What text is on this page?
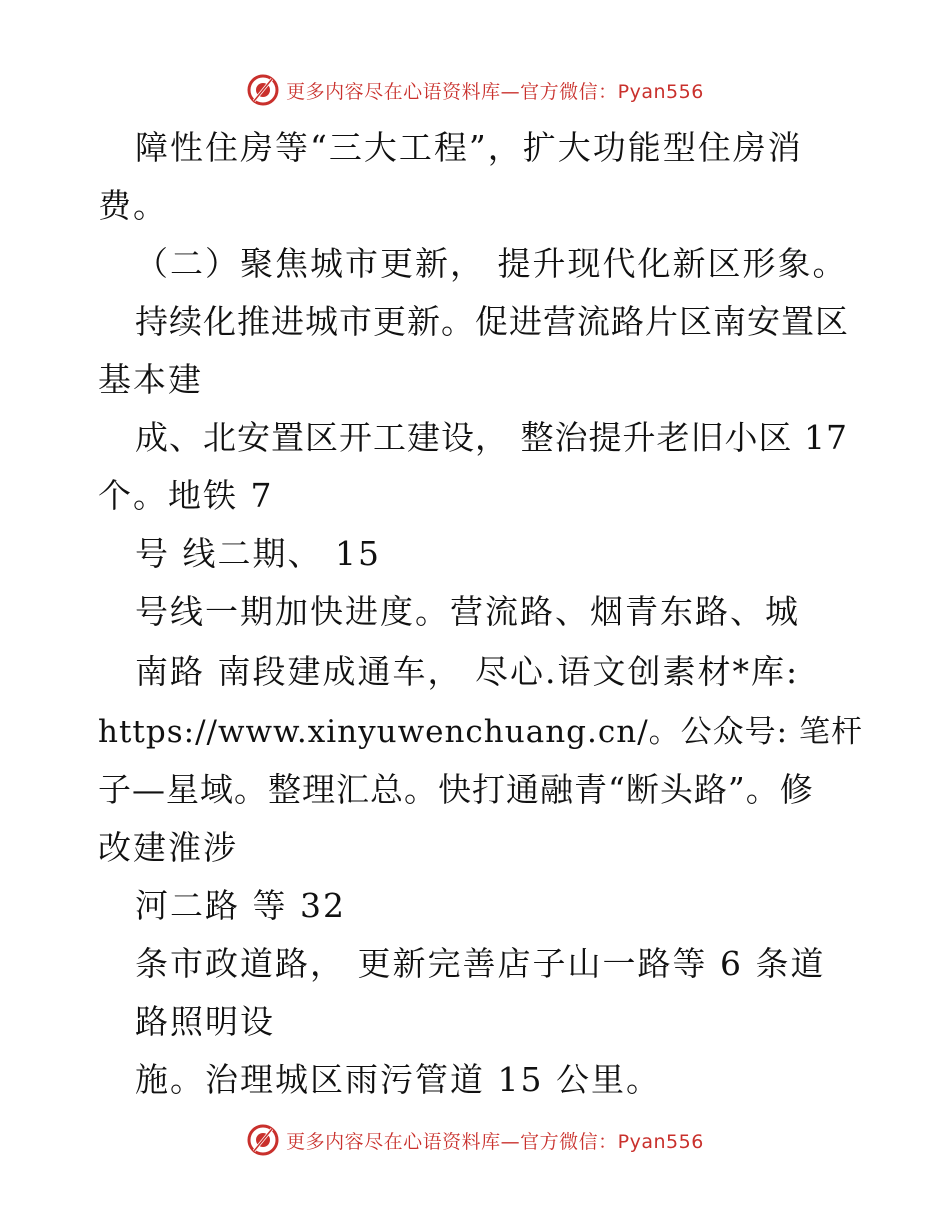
更多内容尽在心语资料库—官方微信：Pyan556
障性住房等“三大工程”，扩大功能型住房消
费。
（二）聚焦城市更新， 提升现代化新区形象。
持续化推进城市更新。促进营流路片区南安置区
基本建
成、北安置区开工建设， 整治提升老旧小区 17
个。地铁 7
号 线二期、 15
号线一期加快进度。营流路、烟青东路、城
南路 南段建成通车， 尽心.语文创素材*库:
https://www.xinyuwenchuang.cn/。公众号: 笔杆
子—星域。整理汇总。快打通融青“断头路”。修
改建淮涉
河二路 等 32
条市政道路， 更新完善店子山一路等 6 条道
路照明设
施。治理城区雨污管道 15 公里。
更多内容尽在心语资料库—官方微信：Pyan556
